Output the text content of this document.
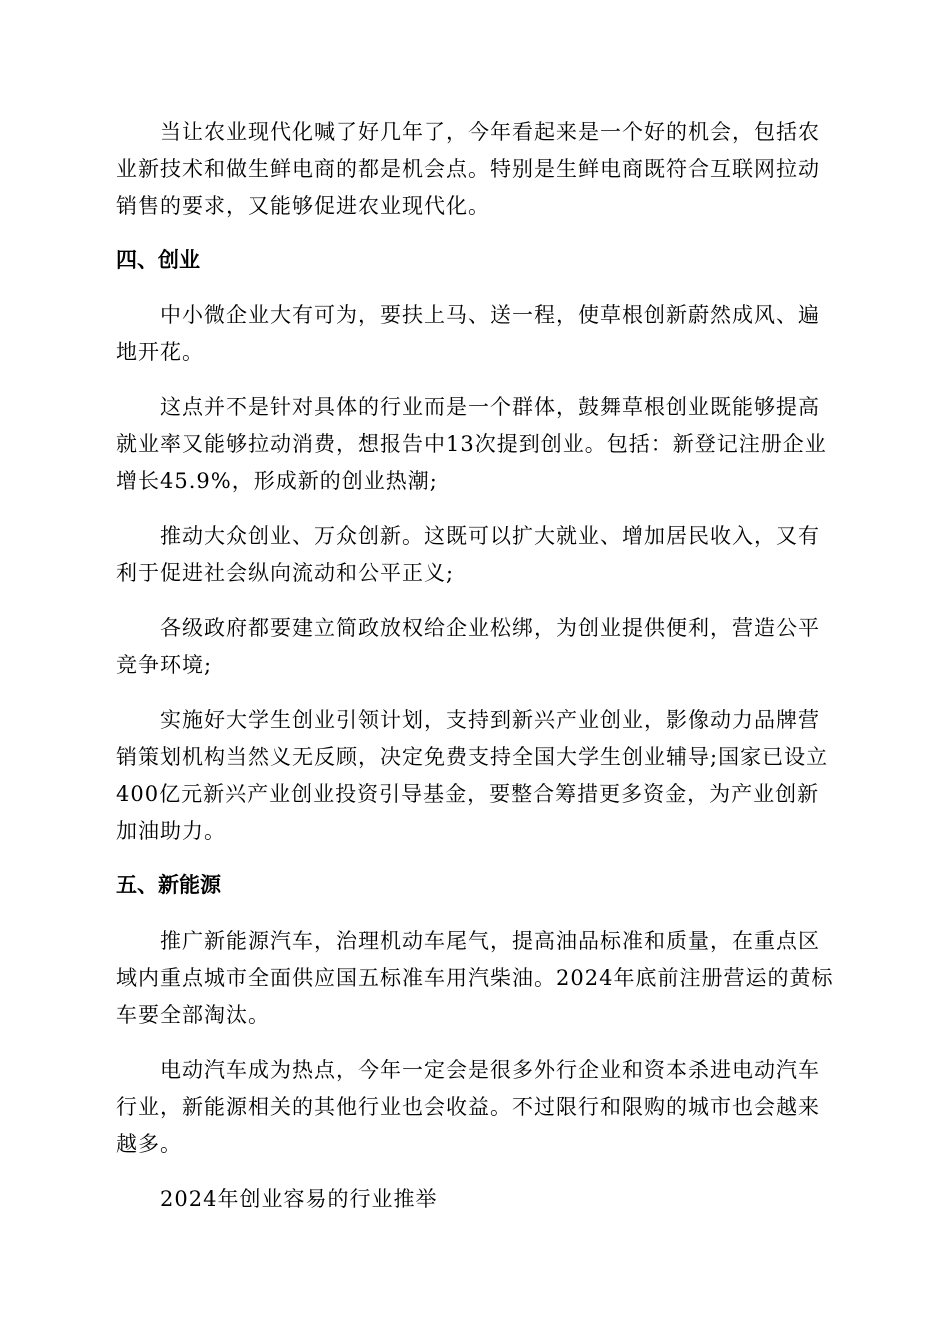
当让农业现代化喊了好几年了，今年看起来是一个好的机会，包括农业新技术和做生鲜电商的都是机会点。特别是生鲜电商既符合互联网拉动销售的要求，又能够促进农业现代化。

四、创业

中小微企业大有可为，要扶上马、送一程，使草根创新蔚然成风、遍地开花。

这点并不是针对具体的行业而是一个群体，鼓舞草根创业既能够提高就业率又能够拉动消费，想报告中13次提到创业。包括：新登记注册企业增长45.9%，形成新的创业热潮;

推动大众创业、万众创新。这既可以扩大就业、增加居民收入，又有利于促进社会纵向流动和公平正义;

各级政府都要建立简政放权给企业松绑，为创业提供便利，营造公平竞争环境;

实施好大学生创业引领计划，支持到新兴产业创业，影像动力品牌营销策划机构当然义无反顾，决定免费支持全国大学生创业辅导;国家已设立400亿元新兴产业创业投资引导基金，要整合筹措更多资金，为产业创新加油助力。

五、新能源

推广新能源汽车，治理机动车尾气，提高油品标准和质量，在重点区域内重点城市全面供应国五标准车用汽柴油。2024年底前注册营运的黄标车要全部淘汰。

电动汽车成为热点，今年一定会是很多外行企业和资本杀进电动汽车行业，新能源相关的其他行业也会收益。不过限行和限购的城市也会越来越多。

2024年创业容易的行业推举
